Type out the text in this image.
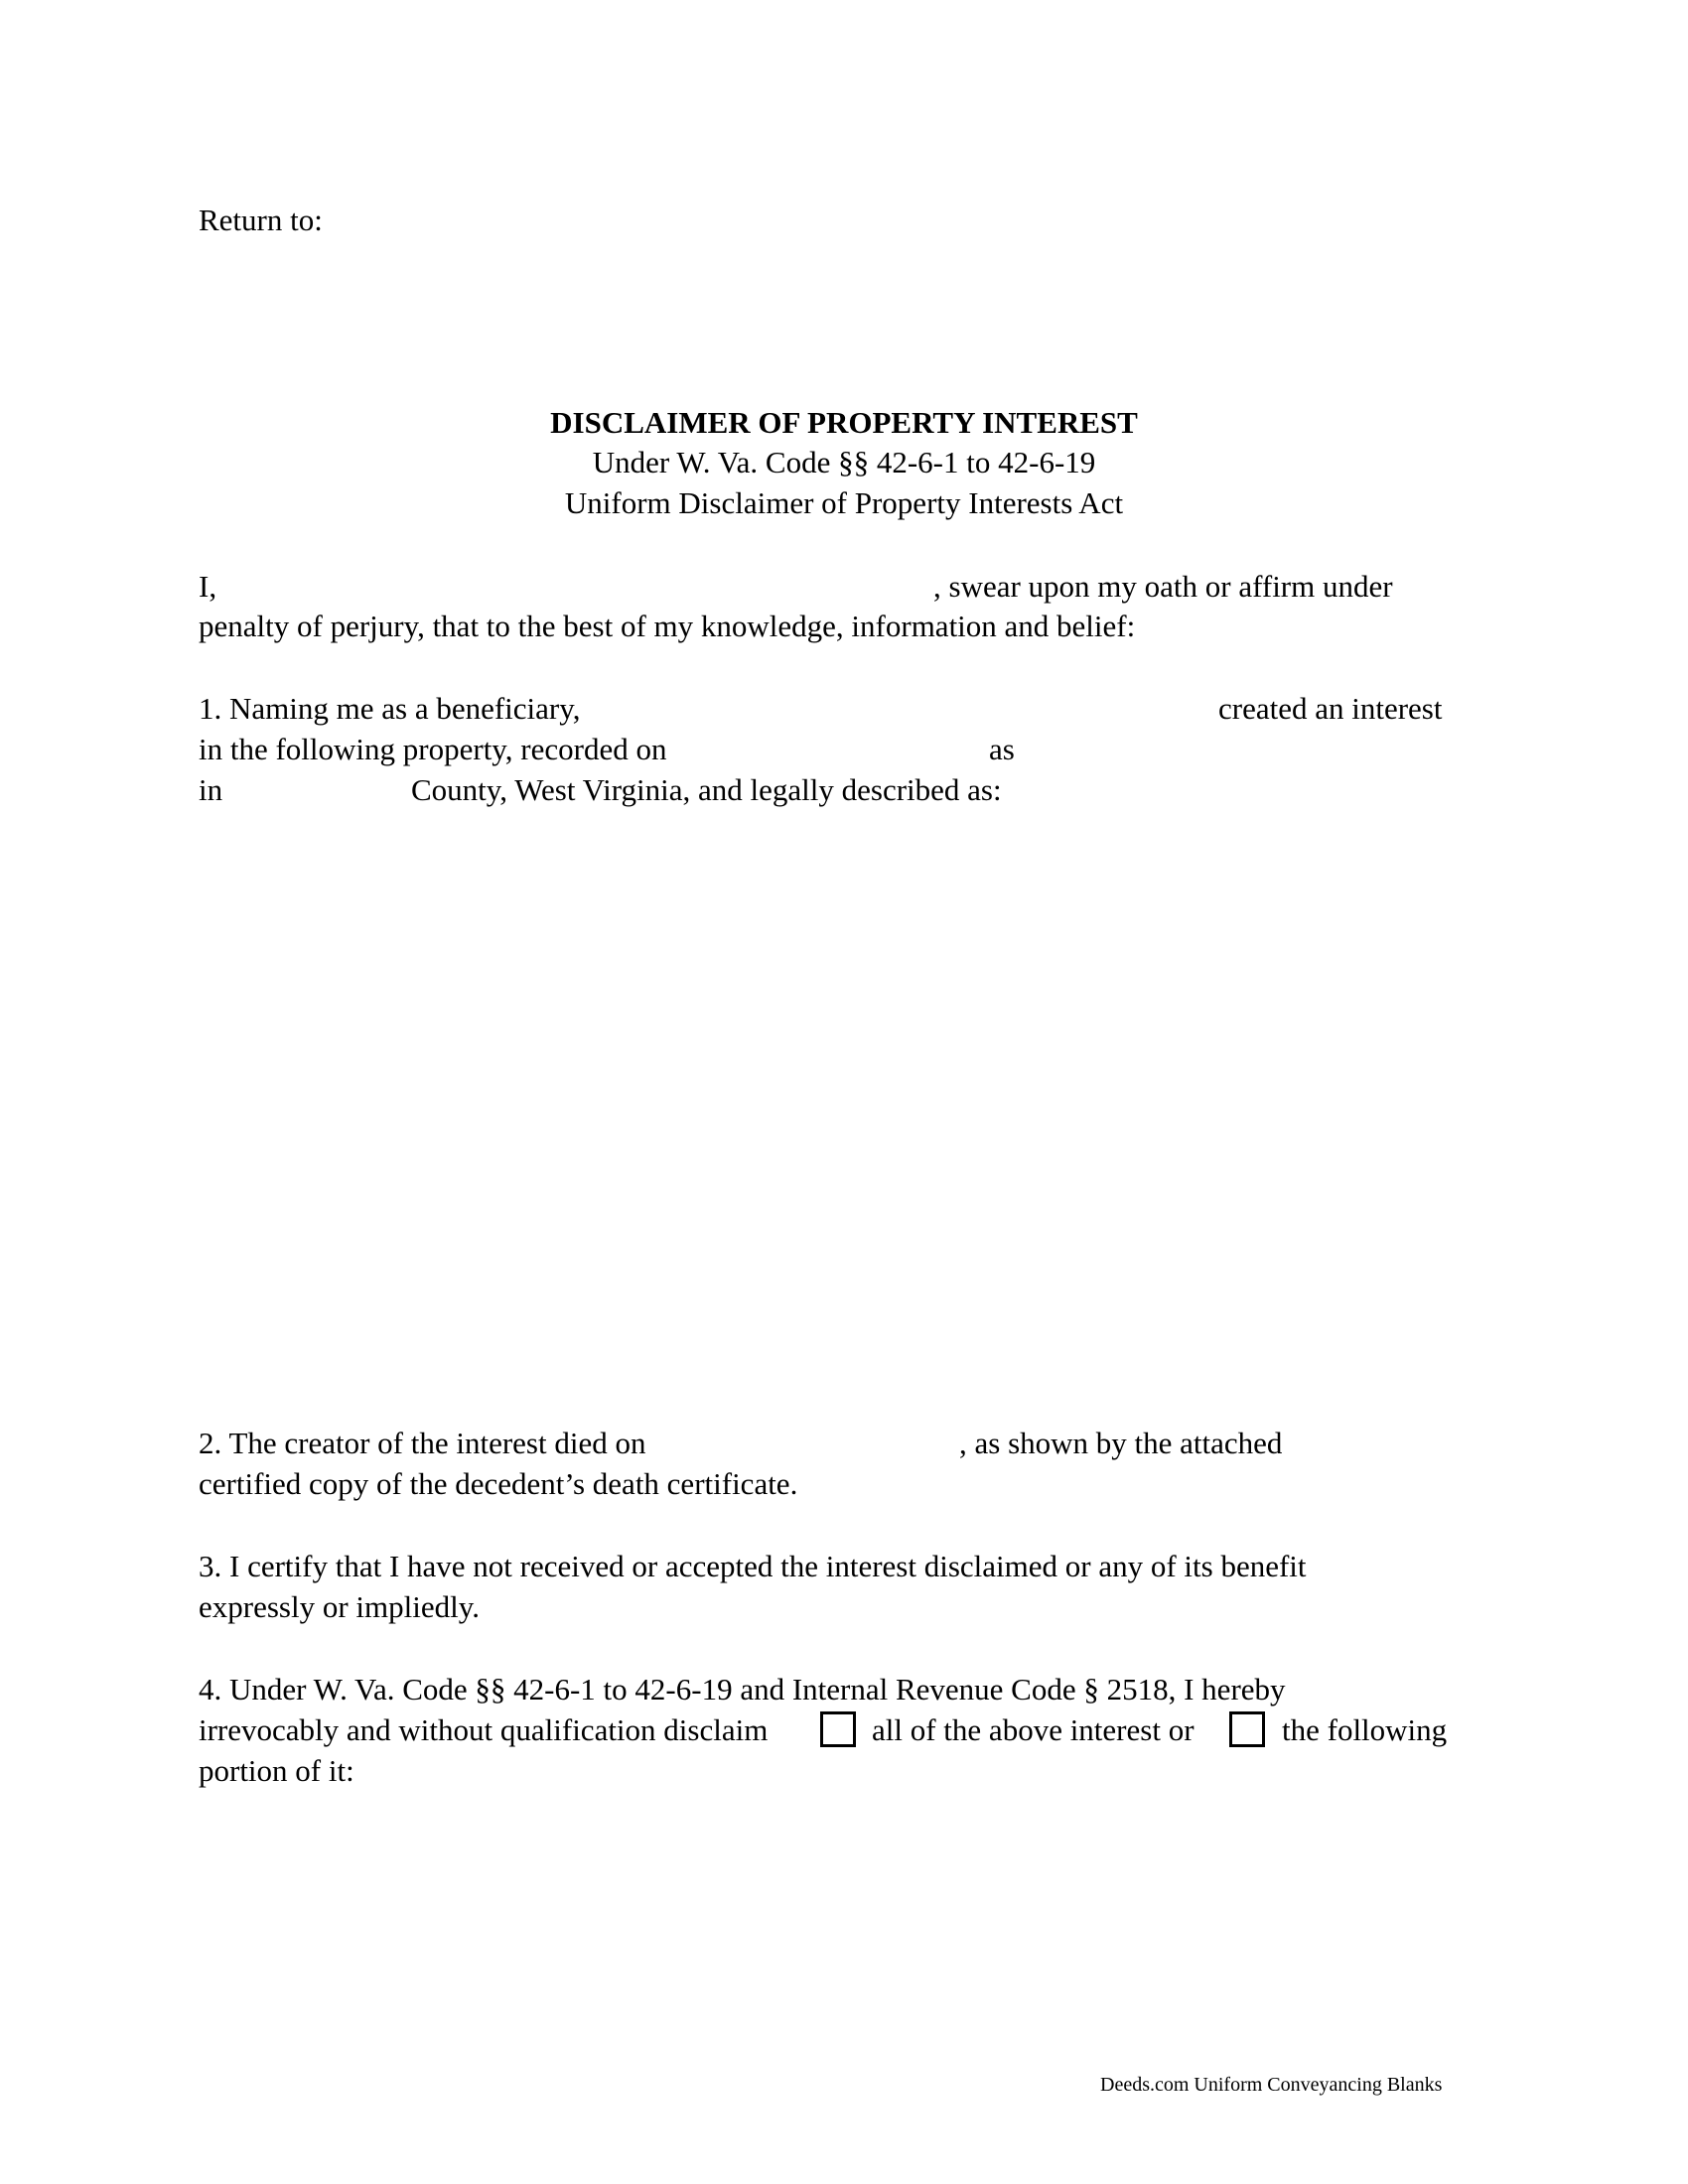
Return to:
DISCLAIMER OF PROPERTY INTEREST
Under W. Va. Code §§ 42-6-1 to 42-6-19
Uniform Disclaimer of Property Interests Act
I,	, swear upon my oath or affirm under
penalty of perjury, that to the best of my knowledge, information and belief:
1. Naming me as a beneficiary,	created an interest
in the following property, recorded on	as
in	County, West Virginia, and legally described as:
2. The creator of the interest died on	, as shown by the attached
certified copy of the decedent’s death certificate.
3. I certify that I have not received or accepted the interest disclaimed or any of its benefit
expressly or impliedly.
4. Under W. Va. Code §§ 42-6-1 to 42-6-19 and Internal Revenue Code § 2518, I hereby
irrevocably and without qualification disclaim	all of the above interest or	the following
portion of it:
Deeds.com Uniform Conveyancing Blanks
